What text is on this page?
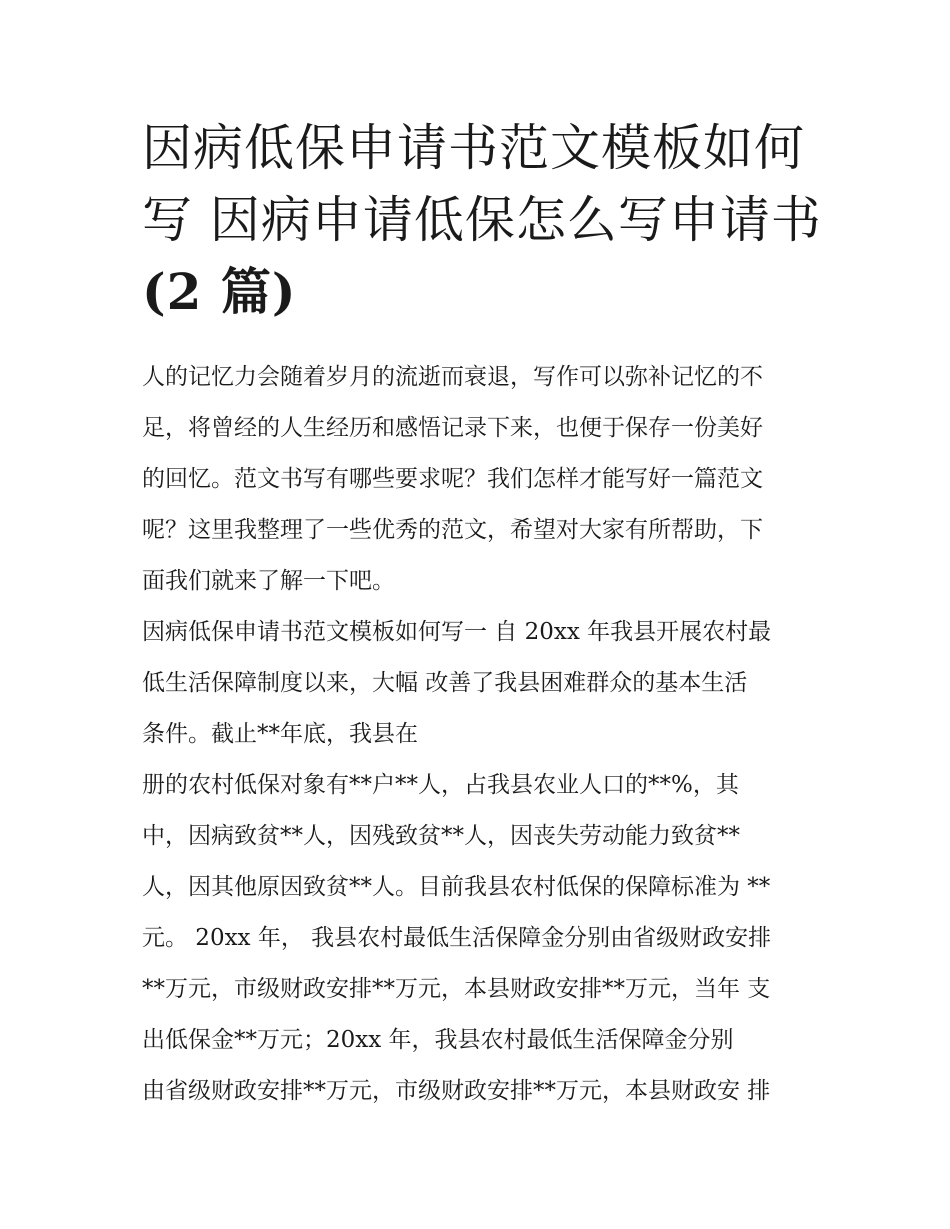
因病低保申请书范文模板如何
写 因病申请低保怎么写申请书
(2 篇)

人的记忆力会随着岁月的流逝而衰退，写作可以弥补记忆的不
足，将曾经的人生经历和感悟记录下来，也便于保存一份美好
的回忆。范文书写有哪些要求呢？我们怎样才能写好一篇范文
呢？这里我整理了一些优秀的范文，希望对大家有所帮助，下
面我们就来了解一下吧。

因病低保申请书范文模板如何写一 自 20xx 年我县开展农村最
低生活保障制度以来，大幅 改善了我县困难群众的基本生活
条件。截止**年底，我县在

册的农村低保对象有**户**人，占我县农业人口的**%，其
中，因病致贫**人，因残致贫**人，因丧失劳动能力致贫**
人，因其他原因致贫**人。目前我县农村低保的保障标准为 **
元。 20xx 年， 我县农村最低生活保障金分别由省级财政安排
**万元，市级财政安排**万元，本县财政安排**万元，当年 支
出低保金**万元；20xx 年，我县农村最低生活保障金分别
由省级财政安排**万元，市级财政安排**万元，本县财政安 排
